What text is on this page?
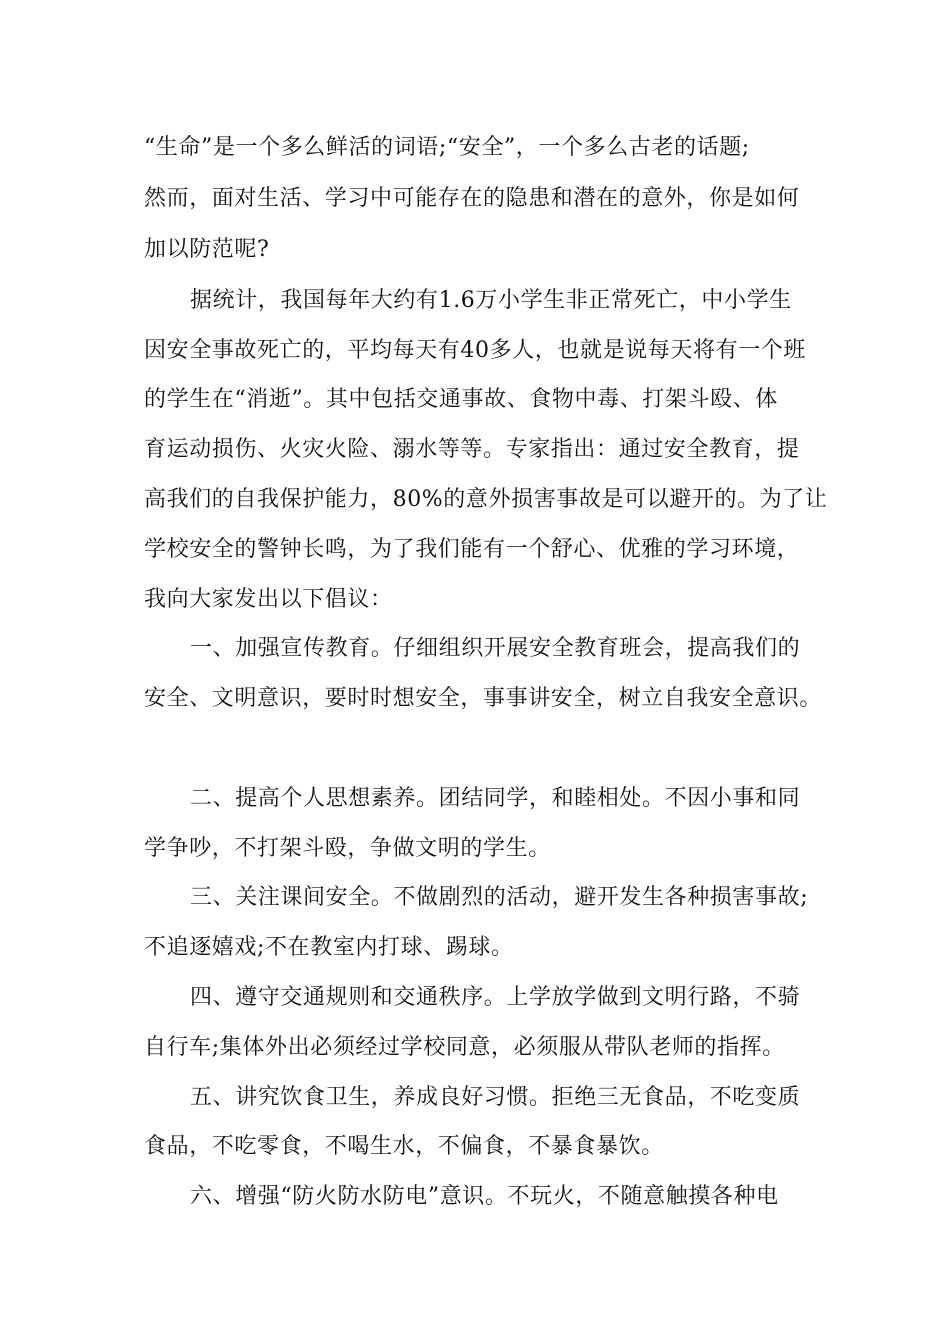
“生命”是一个多么鲜活的词语;“安全”，一个多么古老的话题;
然而，面对生活、学习中可能存在的隐患和潜在的意外，你是如何
加以防范呢?
据统计，我国每年大约有1.6万小学生非正常死亡，中小学生
因安全事故死亡的，平均每天有40多人，也就是说每天将有一个班
的学生在“消逝”。其中包括交通事故、食物中毒、打架斗殴、体
育运动损伤、火灾火险、溺水等等。专家指出：通过安全教育，提
高我们的自我保护能力，80%的意外损害事故是可以避开的。为了让
学校安全的警钟长鸣，为了我们能有一个舒心、优雅的学习环境，
我向大家发出以下倡议：
一、加强宣传教育。仔细组织开展安全教育班会，提高我们的
安全、文明意识，要时时想安全，事事讲安全，树立自我安全意识。
二、提高个人思想素养。团结同学，和睦相处。不因小事和同
学争吵，不打架斗殴，争做文明的学生。
三、关注课间安全。不做剧烈的活动，避开发生各种损害事故;
不追逐嬉戏;不在教室内打球、踢球。
四、遵守交通规则和交通秩序。上学放学做到文明行路，不骑
自行车;集体外出必须经过学校同意，必须服从带队老师的指挥。
五、讲究饮食卫生，养成良好习惯。拒绝三无食品，不吃变质
食品，不吃零食，不喝生水，不偏食，不暴食暴饮。
六、增强“防火防水防电”意识。不玩火，不随意触摸各种电
